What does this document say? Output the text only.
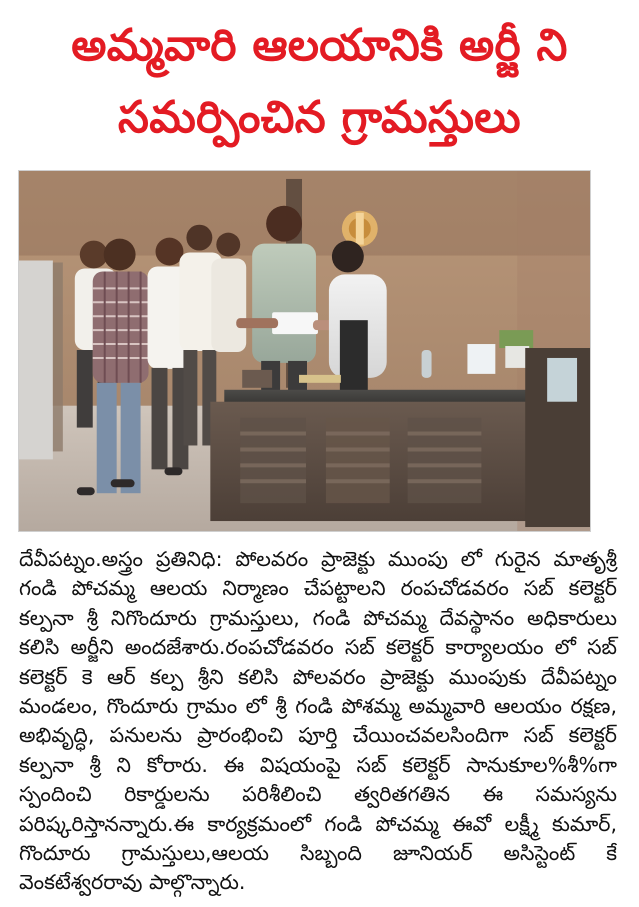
అమ్మవారి ఆలయానికి అర్జీ ని
సమర్పించిన గ్రామస్తులు

దేవీపట్నం.అస్త్రం ప్రతినిధి: పోలవరం ప్రాజెక్టు ముంపు లో గురైన మాతృశ్రీ గండి పోచమ్మ ఆలయ నిర్మాణం చేపట్టాలని రంపచోడవరం సబ్ కలెక్టర్ కల్పనా శ్రీ నిగొందూరు గ్రామస్తులు, గండి పోచమ్మ దేవస్థానం అధికారులు కలిసి అర్జీని అందజేశారు.రంపచోడవరం సబ్ కలెక్టర్ కార్యాలయం లో సబ్ కలెక్టర్ కె ఆర్ కల్ప శ్రీని కలిసి పోలవరం ప్రాజెక్టు ముంపుకు దేవీపట్నం మండలం, గొందూరు గ్రామం లో శ్రీ గండి పోశమ్మ అమ్మవారి ఆలయం రక్షణ, అభివృద్ధి, పనులను ప్రారంభించి పూర్తి చేయించవలసిందిగా సబ్ కలెక్టర్ కల్పనా శ్రీ ని కోరారు. ఈ విషయంపై సబ్ కలెక్టర్ సానుకూల%శీ%గా స్పందించి రికార్డులను పరిశీలించి త్వరితగతిన ఈ సమస్యను పరిష్కరిస్తానన్నారు.ఈ కార్యక్రమంలో గండి పోచమ్మ ఈవో లక్ష్మీ కుమార్, గొందూరు గ్రామస్తులు,ఆలయ సిబ్బంది జూనియర్ అసిస్టెంట్ కే వెంకటేశ్వరరావు పాల్గొన్నారు.
